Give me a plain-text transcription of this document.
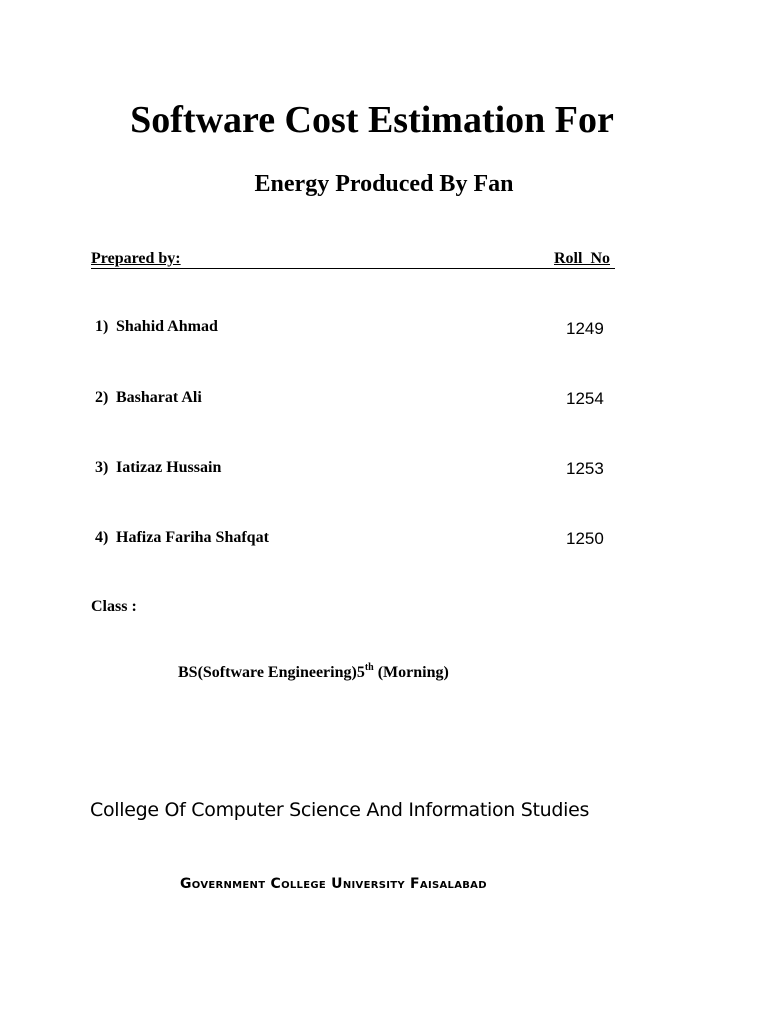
Software Cost Estimation For
Energy Produced By Fan
Prepared by:	Roll  No
1) Shahid Ahmad	1249
2) Basharat Ali	1254
3) Iatizaz Hussain	1253
4) Hafiza Fariha Shafqat	1250
Class :
BS(Software Engineering)5th (Morning)
College Of Computer Science And Information Studies
Government College University Faisalabad
